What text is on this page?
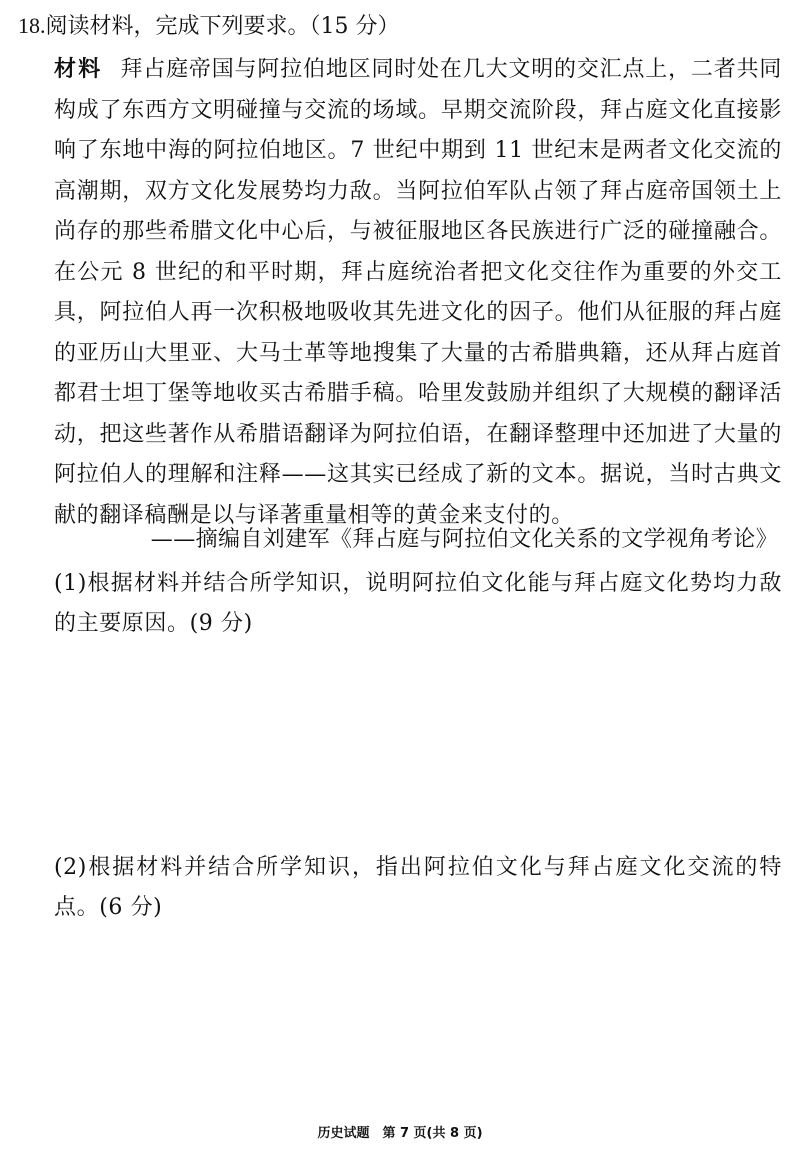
18.阅读材料，完成下列要求。（15 分）
材料 拜占庭帝国与阿拉伯地区同时处在几大文明的交汇点上，二者共同构成了东西方文明碰撞与交流的场域。早期交流阶段，拜占庭文化直接影响了东地中海的阿拉伯地区。7 世纪中期到 11 世纪末是两者文化交流的高潮期，双方文化发展势均力敌。当阿拉伯军队占领了拜占庭帝国领土上尚存的那些希腊文化中心后，与被征服地区各民族进行广泛的碰撞融合。在公元 8 世纪的和平时期，拜占庭统治者把文化交往作为重要的外交工具，阿拉伯人再一次积极地吸收其先进文化的因子。他们从征服的拜占庭的亚历山大里亚、大马士革等地搜集了大量的古希腊典籍，还从拜占庭首都君士坦丁堡等地收买古希腊手稿。哈里发鼓励并组织了大规模的翻译活动，把这些著作从希腊语翻译为阿拉伯语，在翻译整理中还加进了大量的阿拉伯人的理解和注释——这其实已经成了新的文本。据说，当时古典文献的翻译稿酬是以与译著重量相等的黄金来支付的。
——摘编自刘建军《拜占庭与阿拉伯文化关系的文学视角考论》
(1)根据材料并结合所学知识，说明阿拉伯文化能与拜占庭文化势均力敌的主要原因。(9 分)
(2)根据材料并结合所学知识，指出阿拉伯文化与拜占庭文化交流的特点。(6 分)
历史试题　第 7 页(共 8 页)
